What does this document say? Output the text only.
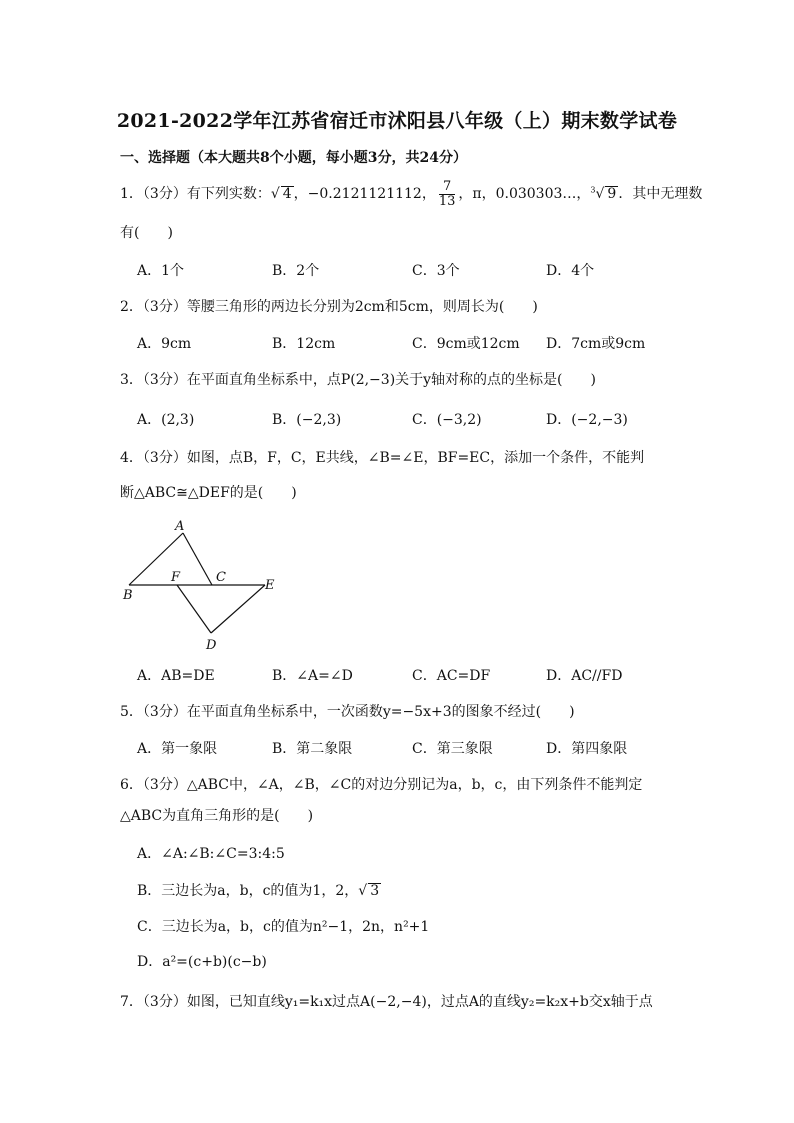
2021-2022学年江苏省宿迁市沭阳县八年级（上）期末数学试卷
一、选择题（本大题共8个小题，每小题3分，共24分）
1．（3分）有下列实数：√ 4 ，−0.2121121112， $\frac{7}{13}$ ，π，0.030303…，$^3$√ 9 ．其中无理数
有(　　)
A．1个	B．2个	C．3个	D．4个
2．（3分）等腰三角形的两边长分别为2cm和5cm，则周长为(　　)
A．9cm	B．12cm	C．9cm或12cm D．7cm或9cm
3．（3分）在平面直角坐标系中，点P(2,−3)关于y轴对称的点的坐标是(　　)
A．(2,3)	B．(−2,3)	C．(−3,2)	D．(−2,−3)
4．（3分）如图，点B，F，C，E共线，∠B=∠E，BF=EC，添加一个条件，不能判
断△ABC≅△DEF的是(　　)
A
B
F	C
E
D
A．AB=DE	B．∠A=∠D	C．AC=DF	D．AC//FD
5．（3分）在平面直角坐标系中，一次函数y=−5x+3的图象不经过(　　)
A．第一象限	B．第二象限	C．第三象限	D．第四象限
6．（3分）△ABC中，∠A，∠B，∠C的对边分别记为a，b，c，由下列条件不能判定
△ABC为直角三角形的是(　　)
A．∠A:∠B:∠C=3:4:5
B．三边长为a，b，c的值为1，2，√ 3
C．三边长为a，b，c的值为n²−1，2n，n²+1
D．a²=(c+b)(c−b)
7．（3分）如图，已知直线y₁=k₁x过点A(−2,−4)，过点A的直线y₂=k₂x+b交x轴于点
